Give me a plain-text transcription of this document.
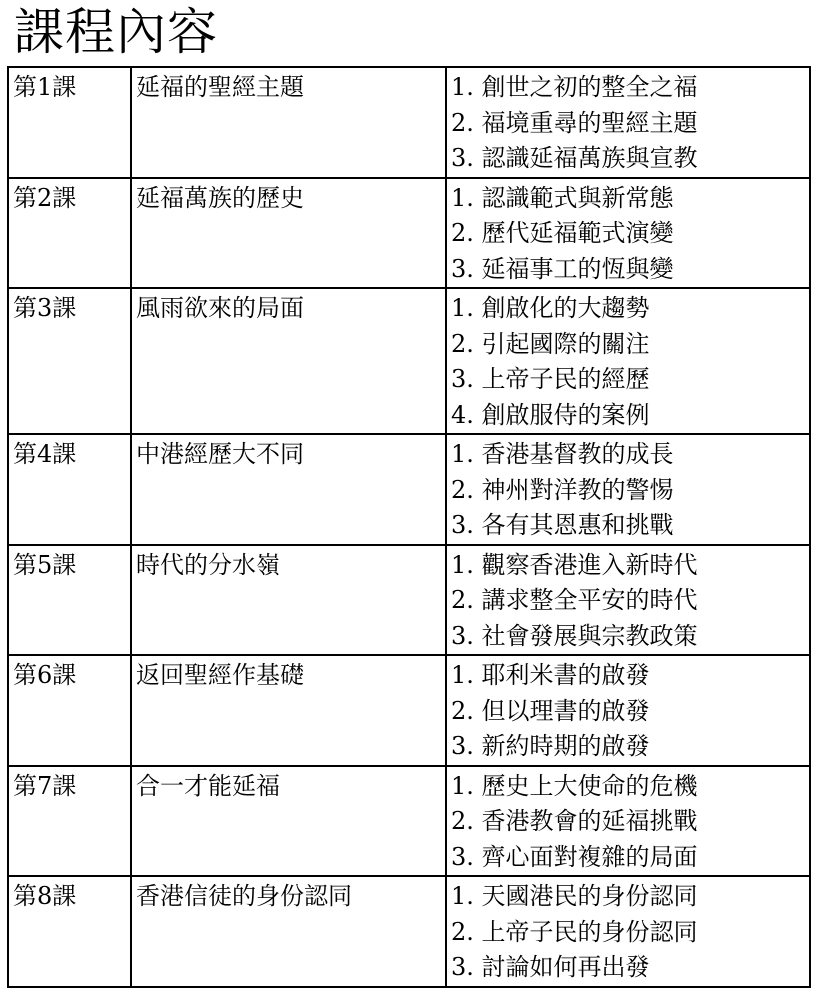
課程內容
第1課	延福的聖經主題	1. 創世之初的整全之福
2. 福境重尋的聖經主題
3. 認識延福萬族與宣教

第2課	延福萬族的歷史	1. 認識範式與新常態
2. 歷代延福範式演變
3. 延福事工的恆與變

第3課	風雨欲來的局面	1. 創啟化的大趨勢
2. 引起國際的關注
3. 上帝子民的經歷
4. 創啟服侍的案例

第4課	中港經歷大不同	1. 香港基督教的成長
2. 神州對洋教的警惕
3. 各有其恩惠和挑戰

第5課	時代的分水嶺	1. 觀察香港進入新時代
2. 講求整全平安的時代
3. 社會發展與宗教政策

第6課	返回聖經作基礎	1. 耶利米書的啟發
2. 但以理書的啟發
3. 新約時期的啟發

第7課	合一才能延福	1. 歷史上大使命的危機
2. 香港教會的延福挑戰
3. 齊心面對複雜的局面

第8課	香港信徒的身份認同	1. 天國港民的身份認同
2. 上帝子民的身份認同
3. 討論如何再出發
